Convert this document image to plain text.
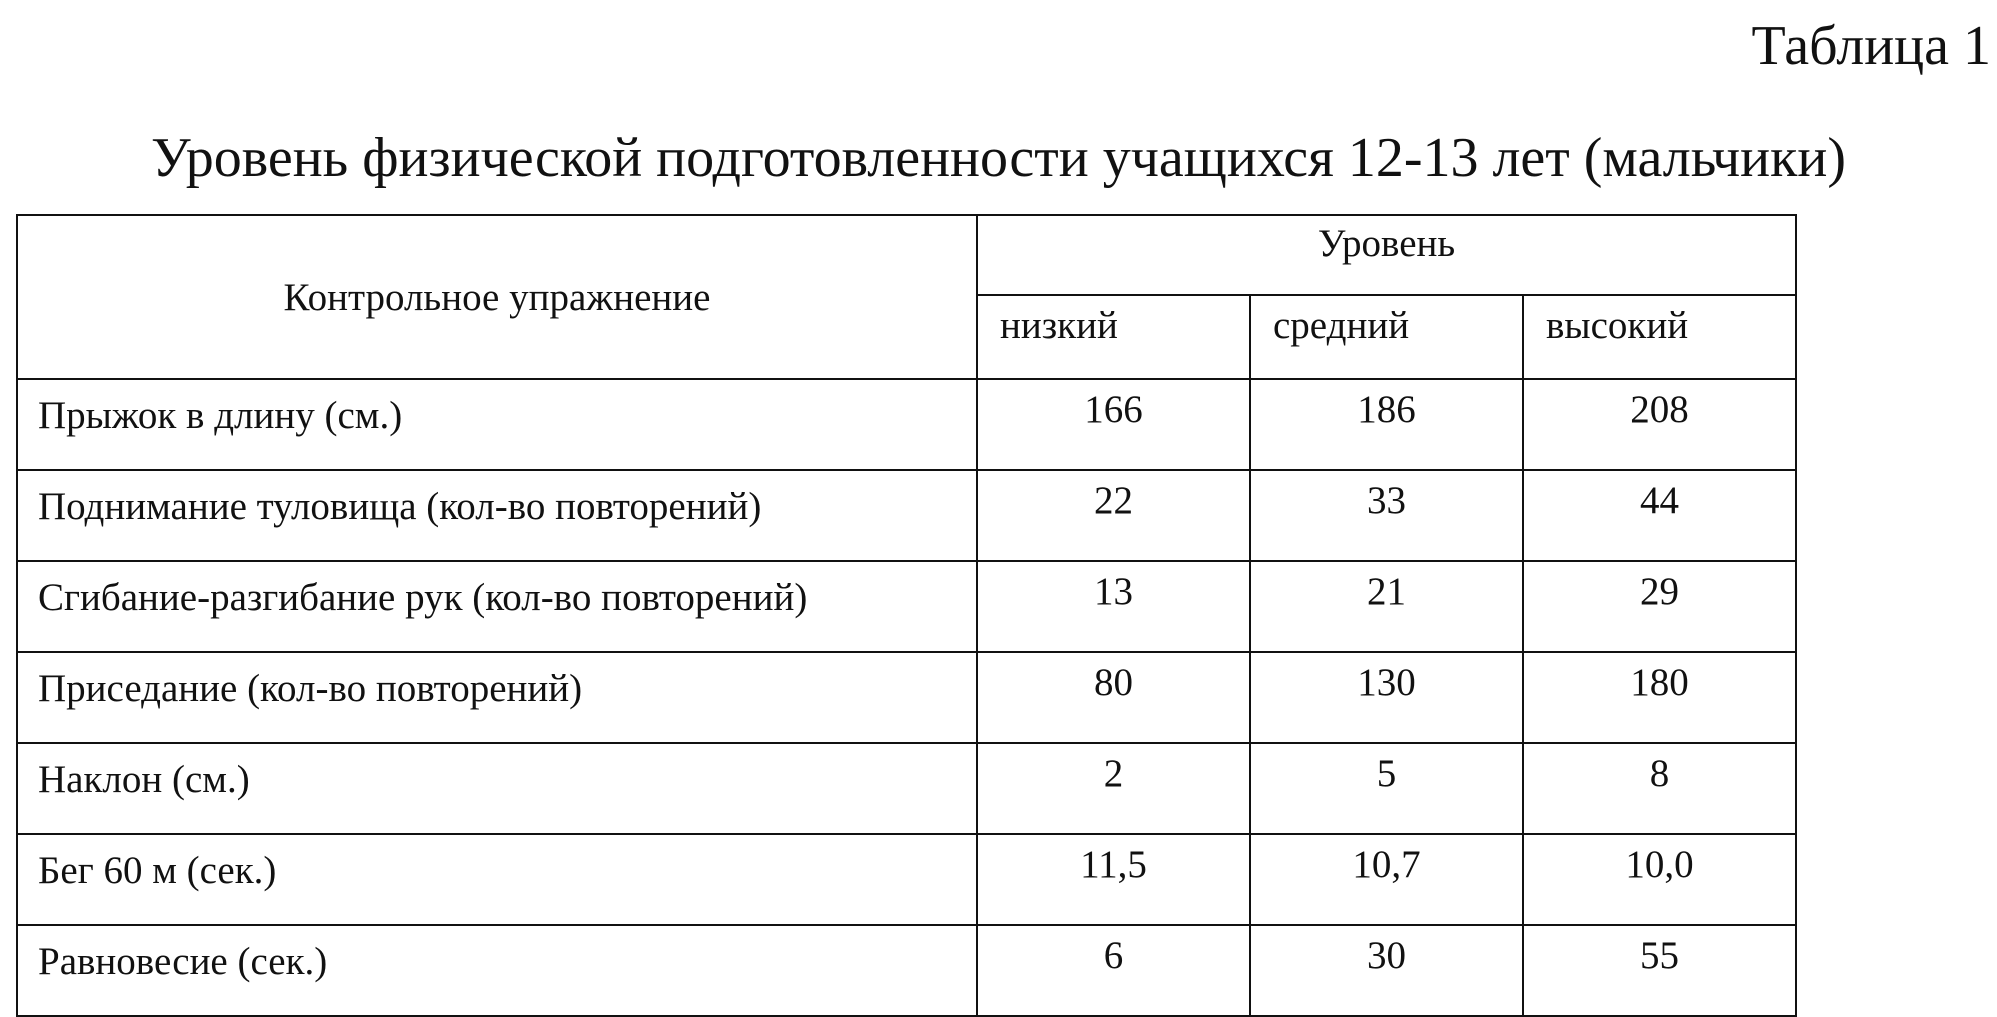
Таблица 1
Уровень физической подготовленности учащихся 12-13 лет (мальчики)
Контрольное упражнение	Уровень		
	низкий	средний	высокий
Прыжок в длину (см.)	166	186	208
Поднимание туловища (кол-во повторений)	22	33	44
Сгибание-разгибание рук (кол-во повторений)	13	21	29
Приседание (кол-во повторений)	80	130	180
Наклон (см.)	2	5	8
Бег 60 м (сек.)	11,5	10,7	10,0
Равновесие (сек.)	6	30	55
